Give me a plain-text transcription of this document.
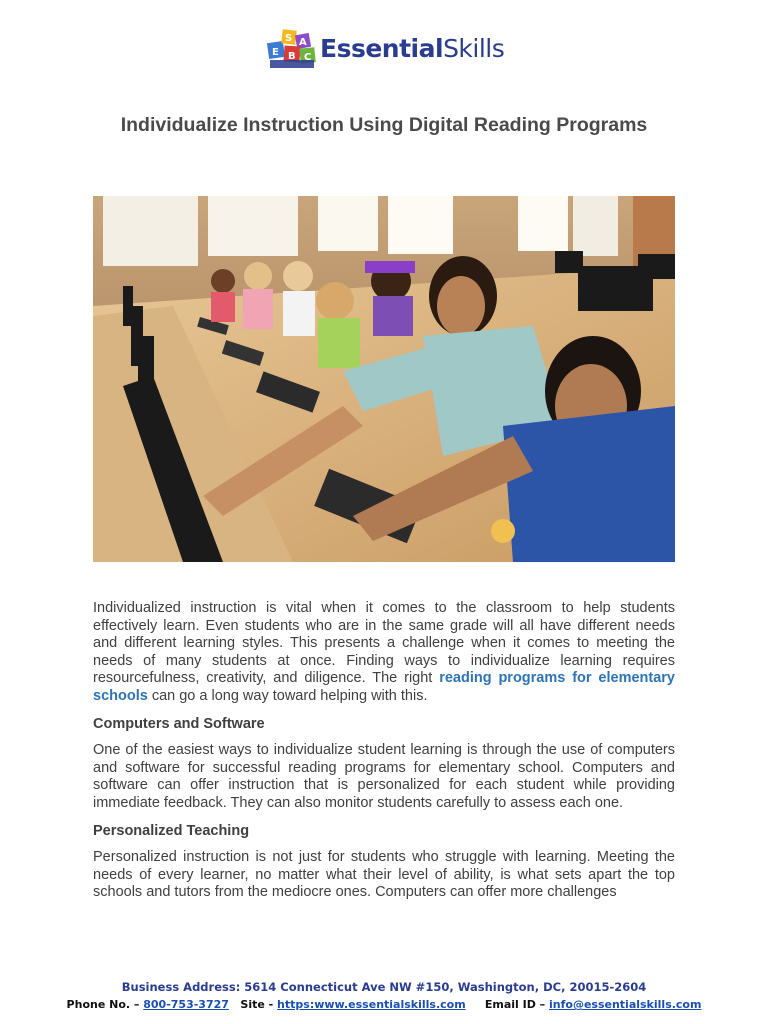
E
S A
B C EssentialSkills
Individualize Instruction Using Digital Reading Programs

Individualized instruction is vital when it comes to the classroom to help students effectively learn. Even students who are in the same grade will all have different needs and different learning styles. This presents a challenge when it comes to meeting the needs of many students at once. Finding ways to individualize learning requires resourcefulness, creativity, and diligence. The right reading programs for elementary schools can go a long way toward helping with this.

Computers and Software

One of the easiest ways to individualize student learning is through the use of computers and software for successful reading programs for elementary school. Computers and software can offer instruction that is personalized for each student while providing immediate feedback. They can also monitor students carefully to assess each one.

Personalized Teaching

Personalized instruction is not just for students who struggle with learning. Meeting the needs of every learner, no matter what their level of ability, is what sets apart the top schools and tutors from the mediocre ones. Computers can offer more challenges

Business Address: 5614 Connecticut Ave NW #150, Washington, DC, 20015-2604
Phone No. – 800-753-3727 Site - https:www.essentialskills.com Email ID – info@essentialskills.com
